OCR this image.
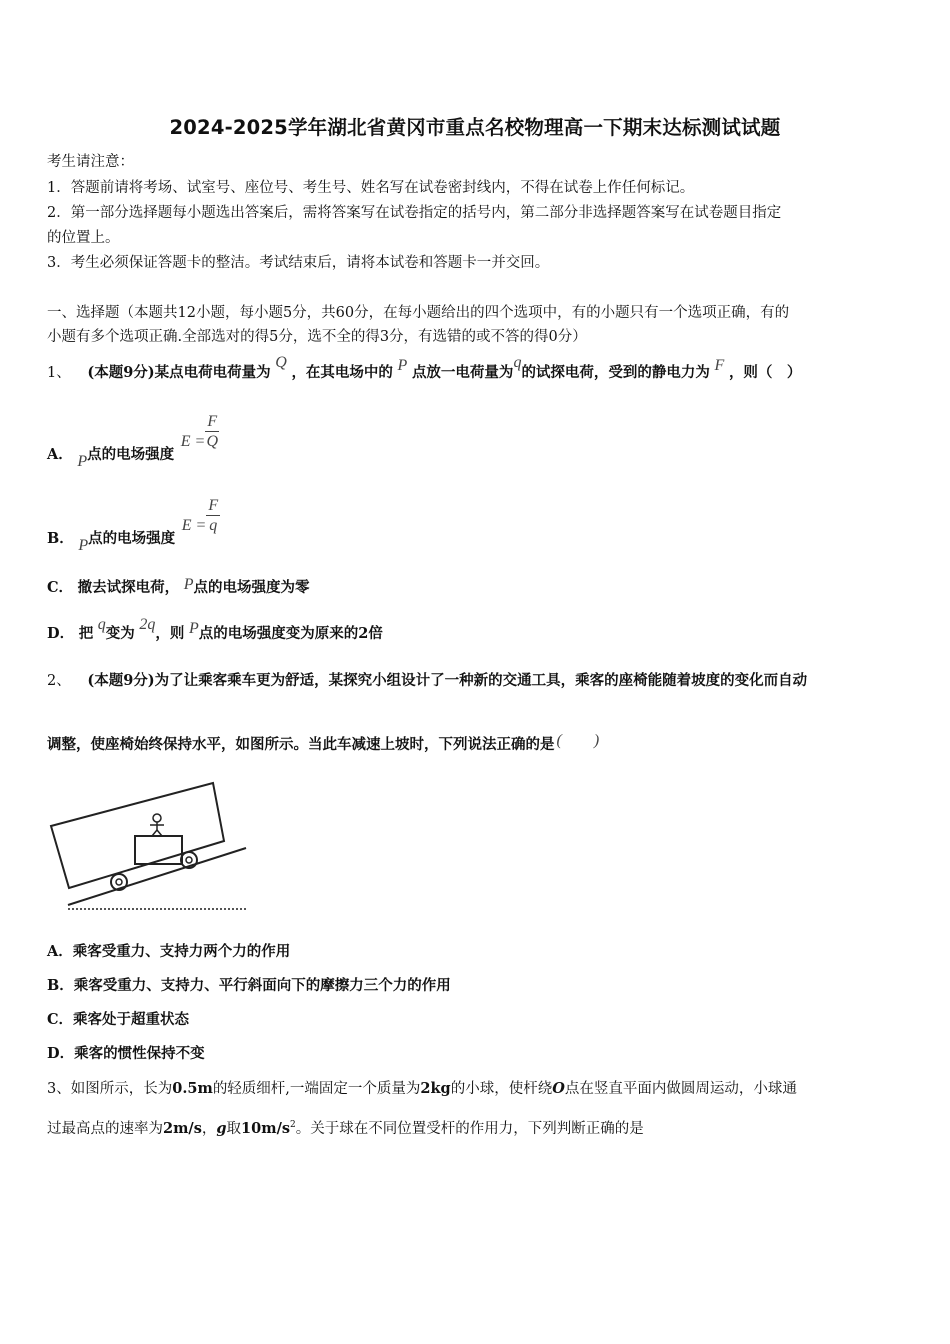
2024-2025学年湖北省黄冈市重点名校物理高一下期末达标测试试题
考生请注意：
1．答题前请将考场、试室号、座位号、考生号、姓名写在试卷密封线内，不得在试卷上作任何标记。
2．第一部分选择题每小题选出答案后，需将答案写在试卷指定的括号内，第二部分非选择题答案写在试卷题目指定
的位置上。
3．考生必须保证答题卡的整洁。考试结束后，请将本试卷和答题卡一并交回。
一、选择题（本题共12小题，每小题5分，共60分，在每小题给出的四个选项中，有的小题只有一个选项正确，有的
小题有多个选项正确.全部选对的得5分，选不全的得3分，有选错的或不答的得0分）
1、 (本题9分)某点电荷电荷量为 Q ，在其电场中的 P 点放一电荷量为q的试探电荷，受到的静电力为 F ，则（　）
A． P点的电场强度 $E = \frac{F}{Q}$
B． P点的电场强度 $E = \frac{F}{q}$
C． 撤去试探电荷， P点的电场强度为零
D． 把 q变为 2q，则 P点的电场强度变为原来的2倍
2、 (本题9分)为了让乘客乘车更为舒适，某探究小组设计了一种新的交通工具，乘客的座椅能随着坡度的变化而自动
调整，使座椅始终保持水平，如图所示。当此车减速上坡时，下列说法正确的是 (　　)
A．乘客受重力、支持力两个力的作用
B．乘客受重力、支持力、平行斜面向下的摩擦力三个力的作用
C．乘客处于超重状态
D．乘客的惯性保持不变
3、如图所示，长为0.5m的轻质细杆,一端固定一个质量为2kg的小球，使杆绕O点在竖直平面内做圆周运动，小球通
过最高点的速率为2m/s，g取$10m/s^2$。关于球在不同位置受杆的作用力，下列判断正确的是
